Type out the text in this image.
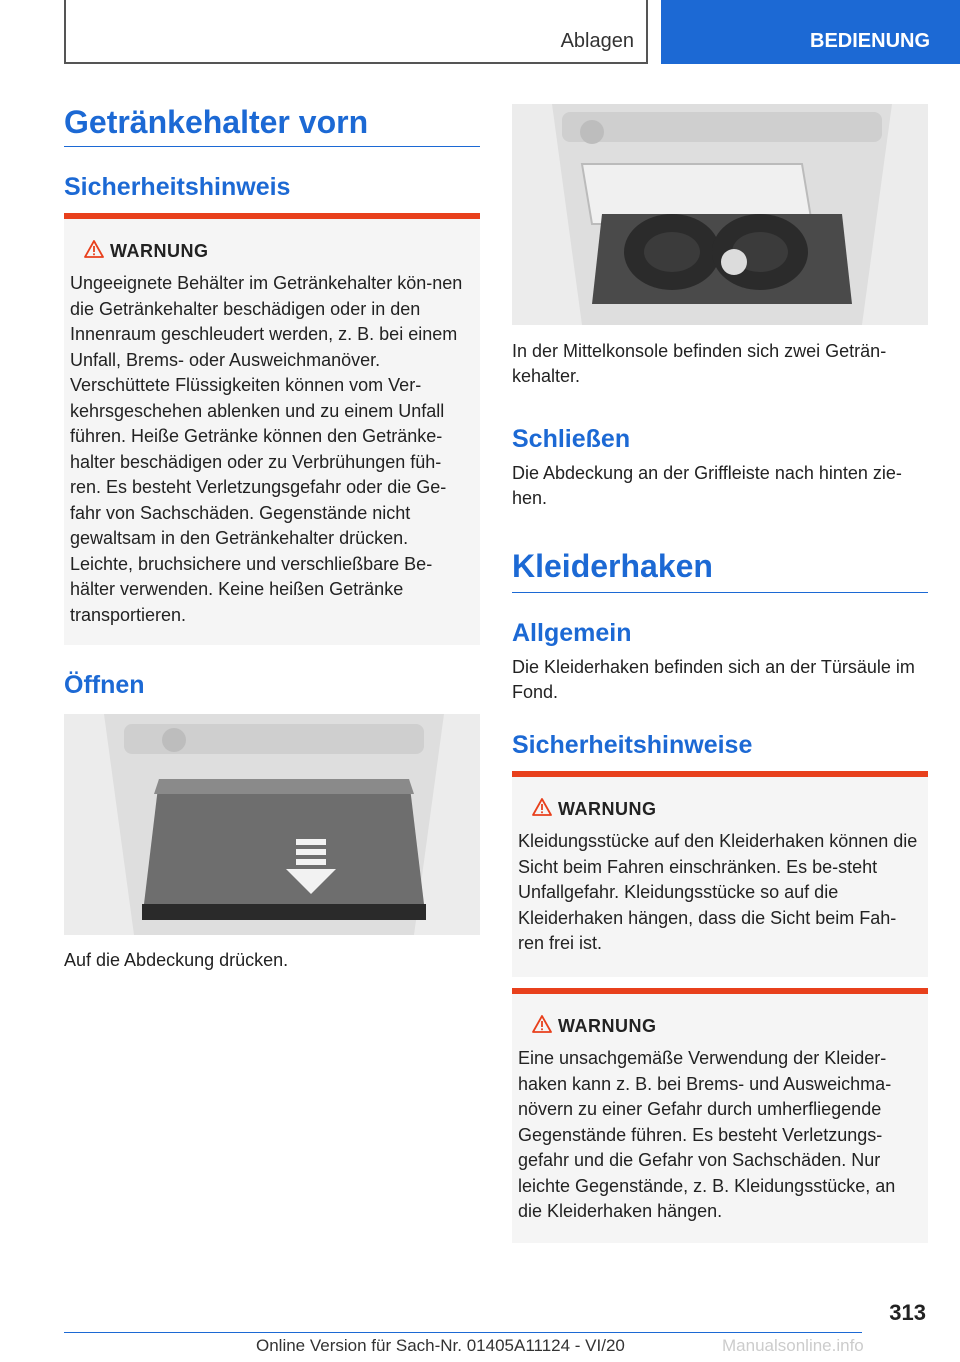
Ablagen	BEDIENUNG
Getränkehalter vorn
Sicherheitshinweis
WARNUNG
Ungeeignete Behälter im Getränkehalter kön-nen die Getränkehalter beschädigen oder in den Innenraum geschleudert werden, z. B. bei einem Unfall, Brems- oder Ausweichmanöver. Verschüttete Flüssigkeiten können vom Ver-kehrsgeschehen ablenken und zu einem Unfall führen. Heiße Getränke können den Getränke-halter beschädigen oder zu Verbrühungen füh-ren. Es besteht Verletzungsgefahr oder die Ge-fahr von Sachschäden. Gegenstände nicht gewaltsam in den Getränkehalter drücken. Leichte, bruchsichere und verschließbare Be-hälter verwenden. Keine heißen Getränke transportieren.
Öffnen
Auf die Abdeckung drücken.
In der Mittelkonsole befinden sich zwei Geträn-kehalter.
Schließen
Die Abdeckung an der Griffleiste nach hinten zie-hen.
Kleiderhaken
Allgemein
Die Kleiderhaken befinden sich an der Türsäule im Fond.
Sicherheitshinweise
WARNUNG
Kleidungsstücke auf den Kleiderhaken können die Sicht beim Fahren einschränken. Es be-steht Unfallgefahr. Kleidungsstücke so auf die Kleiderhaken hängen, dass die Sicht beim Fah-ren frei ist.
WARNUNG
Eine unsachgemäße Verwendung der Kleider-haken kann z. B. bei Brems- und Ausweichma-növern zu einer Gefahr durch umherfliegende Gegenstände führen. Es besteht Verletzungs-gefahr und die Gefahr von Sachschäden. Nur leichte Gegenstände, z. B. Kleidungsstücke, an die Kleiderhaken hängen.
313
Online Version für Sach-Nr. 01405A11124 - VI/20	Manualsonline.info
